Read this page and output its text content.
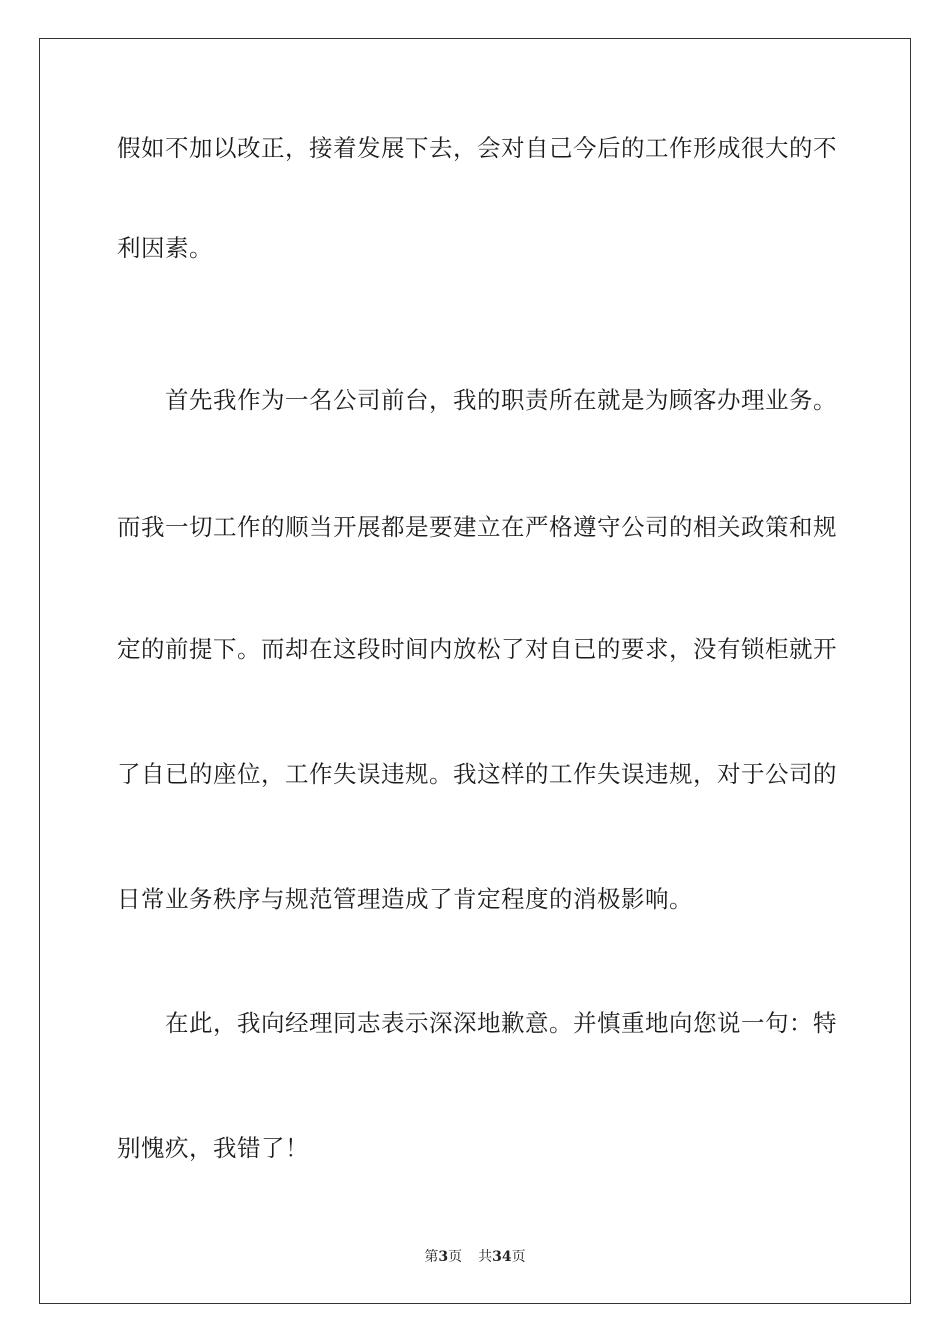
假如不加以改正，接着发展下去，会对自己今后的工作形成很大的不
利因素。
首先我作为一名公司前台，我的职责所在就是为顾客办理业务。
而我一切工作的顺当开展都是要建立在严格遵守公司的相关政策和规
定的前提下。而却在这段时间内放松了对自已的要求，没有锁柜就开
了自已的座位，工作失误违规。我这样的工作失误违规，对于公司的
日常业务秩序与规范管理造成了肯定程度的消极影响。
在此，我向经理同志表示深深地歉意。并慎重地向您说一句：特
别愧疚，我错了！
第3页 共34页
